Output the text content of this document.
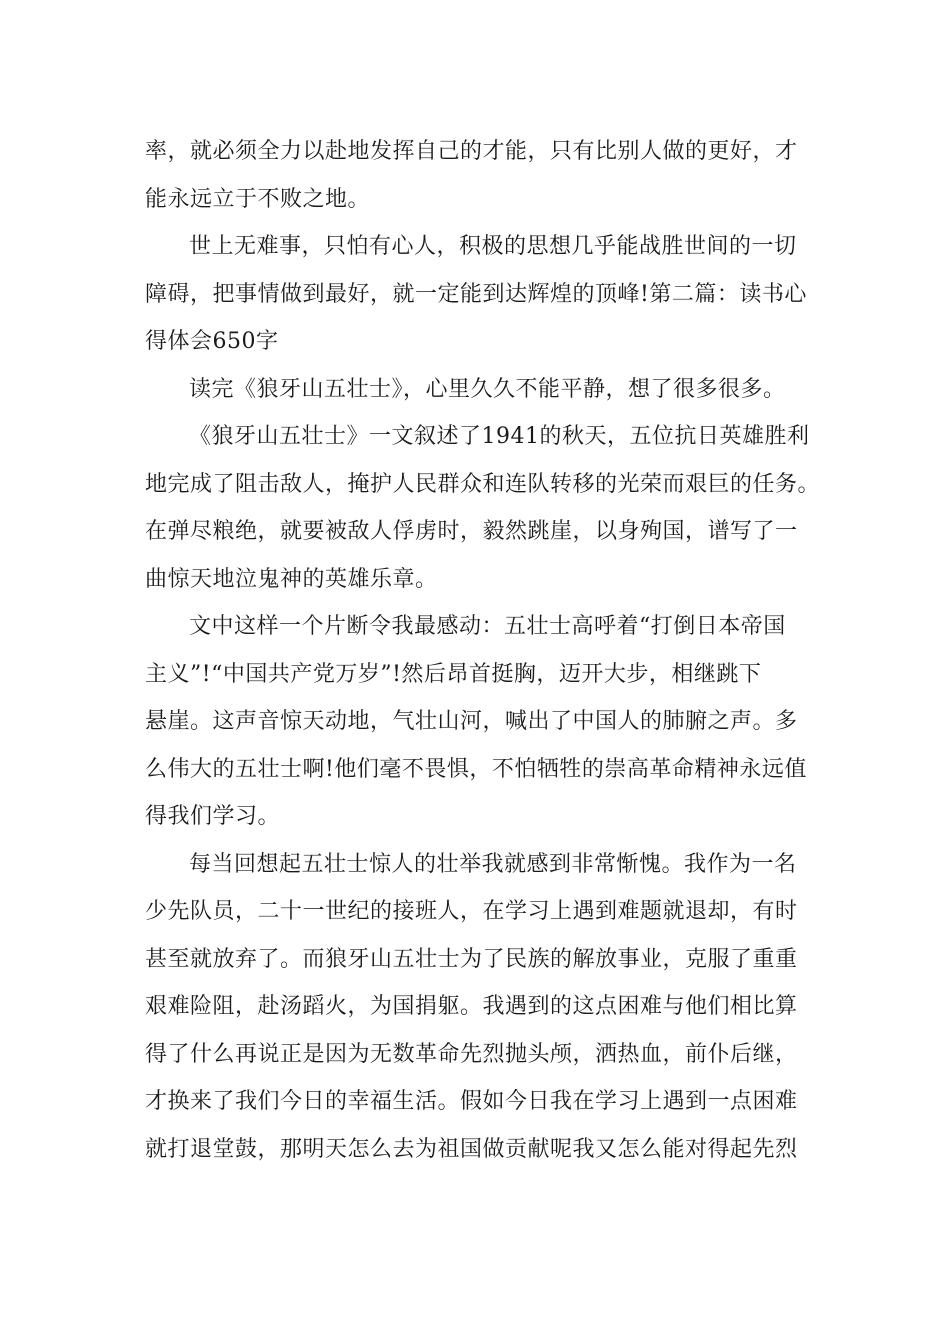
率，就必须全力以赴地发挥自己的才能，只有比别人做的更好，才
能永远立于不败之地。
世上无难事，只怕有心人，积极的思想几乎能战胜世间的一切
障碍，把事情做到最好，就一定能到达辉煌的顶峰!第二篇：读书心
得体会650字
读完《狼牙山五壮士》，心里久久不能平静，想了很多很多。
《狼牙山五壮士》一文叙述了1941的秋天，五位抗日英雄胜利
地完成了阻击敌人，掩护人民群众和连队转移的光荣而艰巨的任务。
在弹尽粮绝，就要被敌人俘虏时，毅然跳崖，以身殉国，谱写了一
曲惊天地泣鬼神的英雄乐章。
文中这样一个片断令我最感动：五壮士高呼着“打倒日本帝国
主义”!“中国共产党万岁”!然后昂首挺胸，迈开大步，相继跳下
悬崖。这声音惊天动地，气壮山河，喊出了中国人的肺腑之声。多
么伟大的五壮士啊!他们毫不畏惧，不怕牺牲的崇高革命精神永远值
得我们学习。
每当回想起五壮士惊人的壮举我就感到非常惭愧。我作为一名
少先队员，二十一世纪的接班人，在学习上遇到难题就退却，有时
甚至就放弃了。而狼牙山五壮士为了民族的解放事业，克服了重重
艰难险阻，赴汤蹈火，为国捐躯。我遇到的这点困难与他们相比算
得了什么再说正是因为无数革命先烈抛头颅，洒热血，前仆后继，
才换来了我们今日的幸福生活。假如今日我在学习上遇到一点困难
就打退堂鼓，那明天怎么去为祖国做贡献呢我又怎么能对得起先烈
